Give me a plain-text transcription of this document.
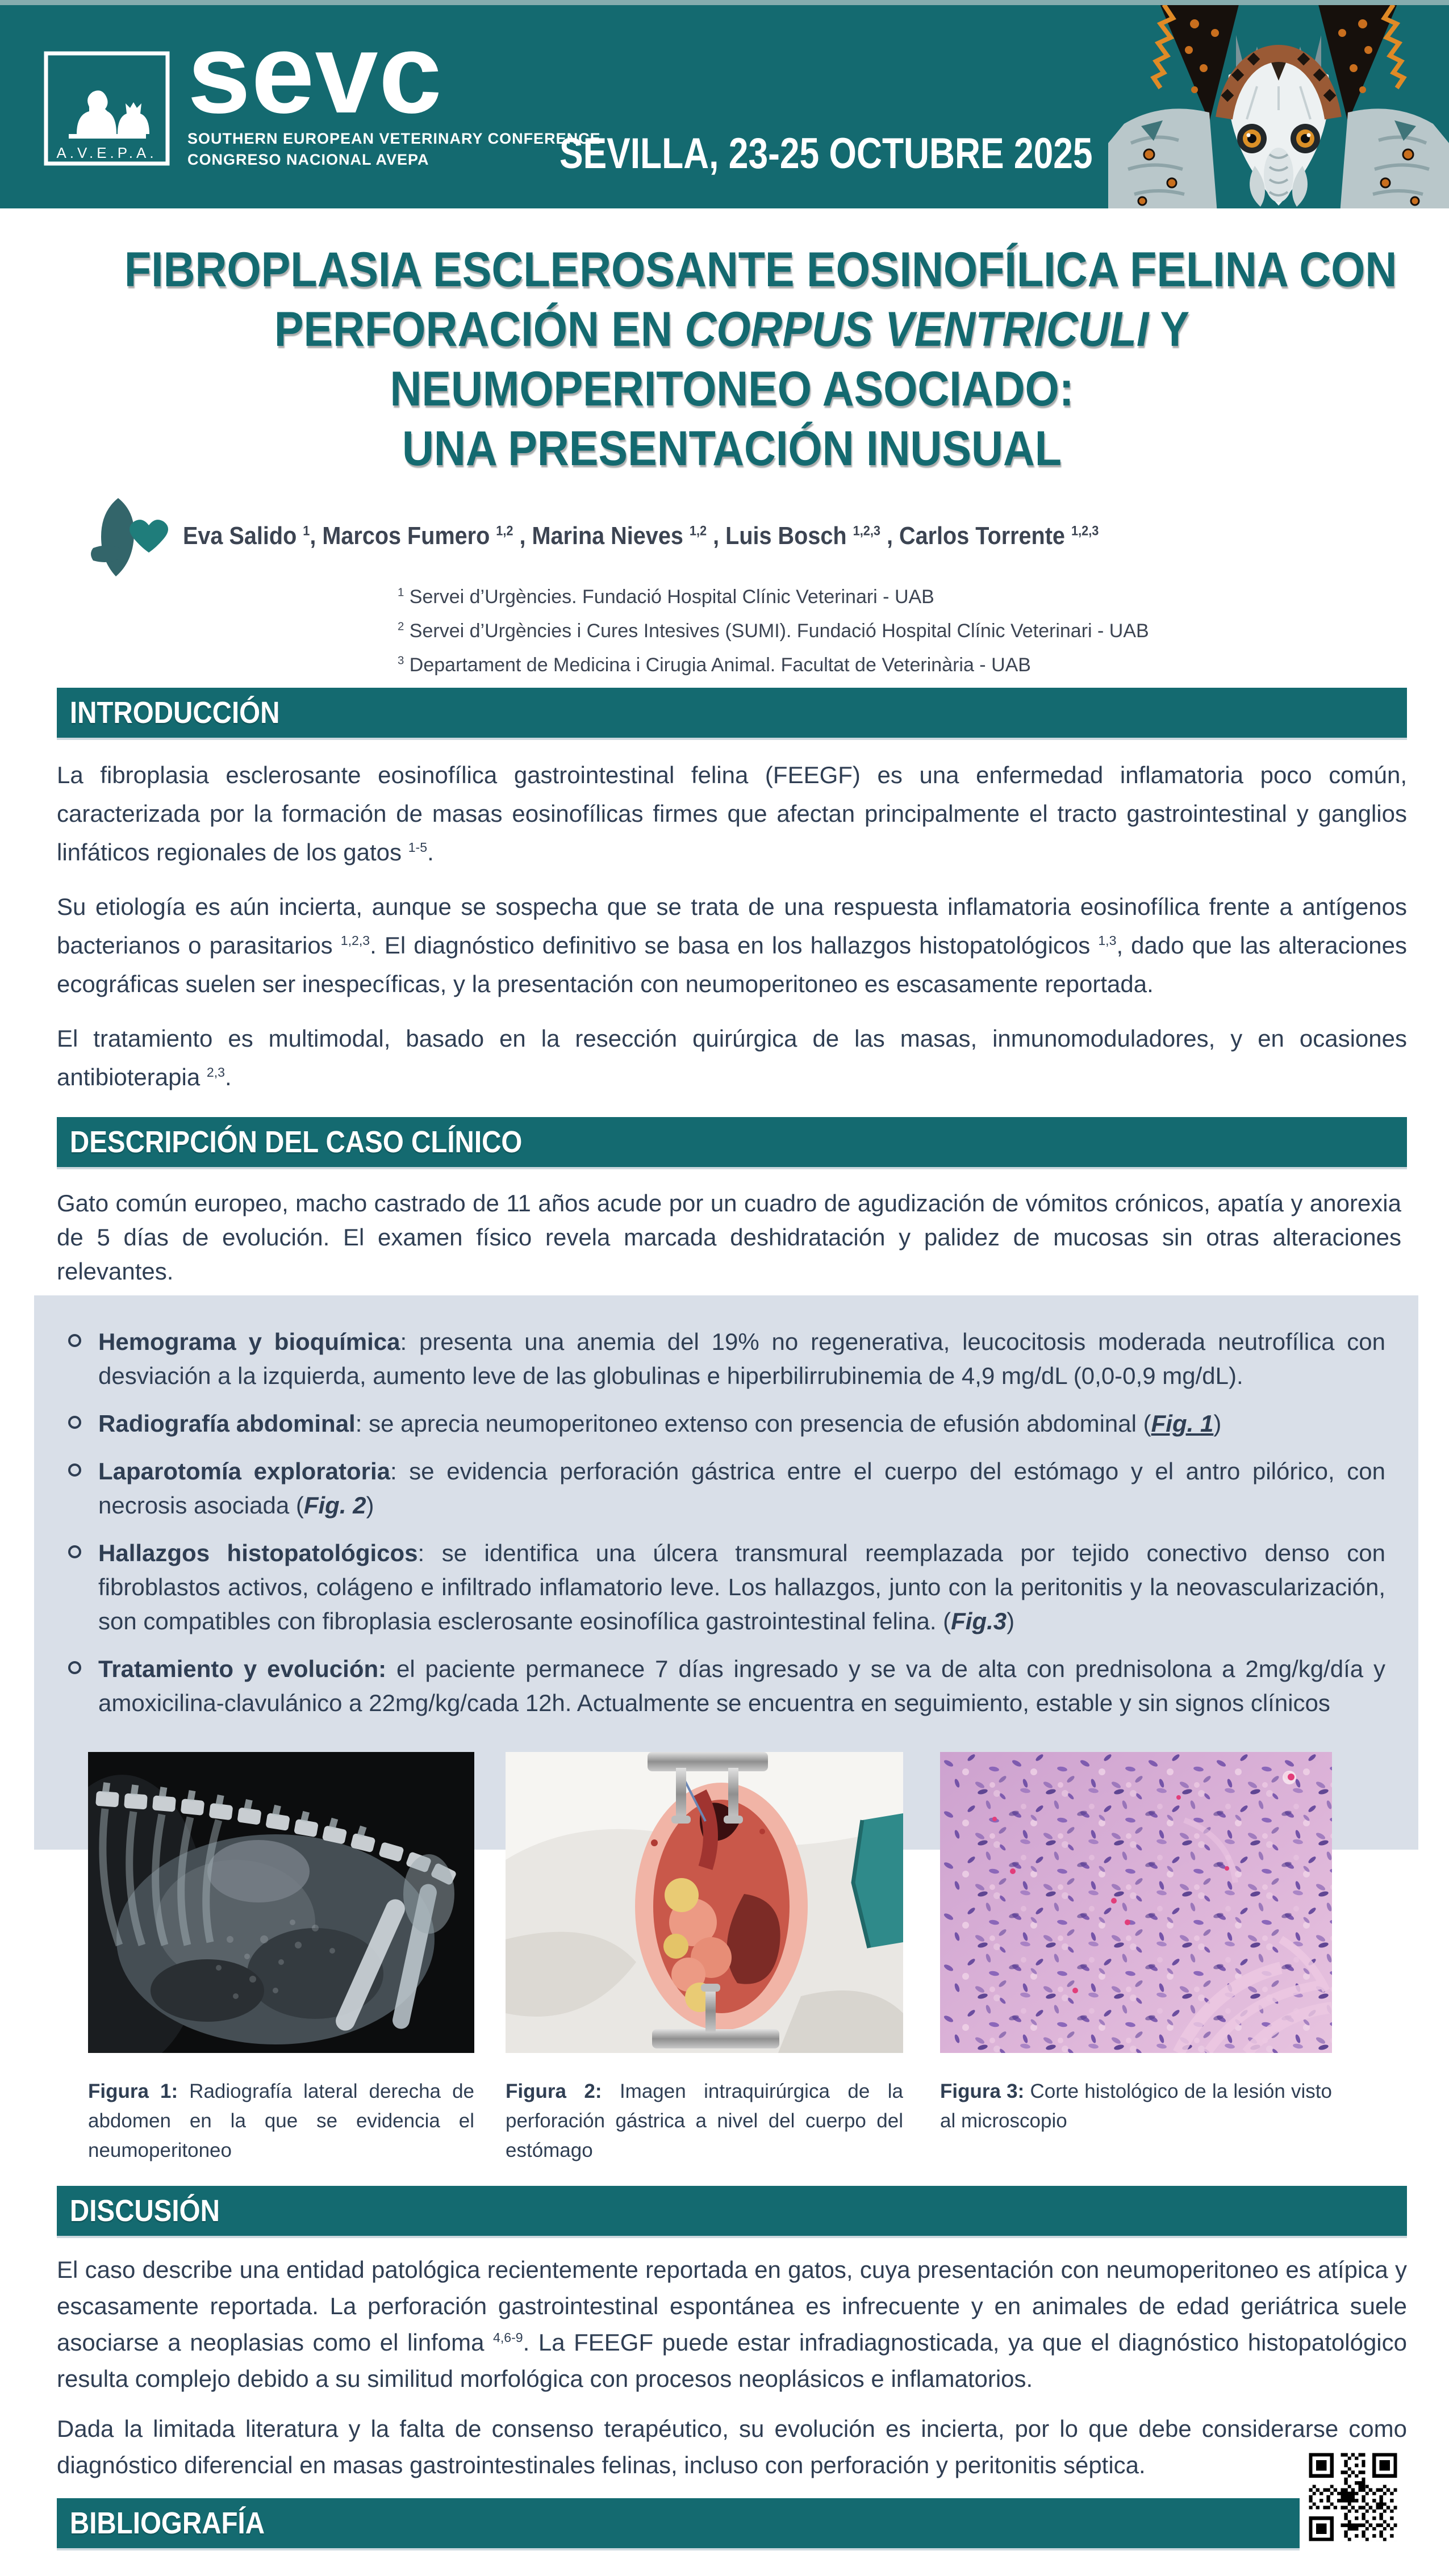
A.V.E.P.A.
sevc
SOUTHERN EUROPEAN VETERINARY CONFERENCE
CONGRESO NACIONAL AVEPA	SEVILLA, 23-25 OCTUBRE 2025
FIBROPLASIA ESCLEROSANTE EOSINOFÍLICA FELINA CON
PERFORACIÓN EN CORPUS VENTRICULI Y
NEUMOPERITONEO ASOCIADO:
UNA PRESENTACIÓN INUSUAL
Eva Salido $^1$, Marcos Fumero $^{1,2}$ , Marina Nieves $^{1,2}$ , Luis Bosch $^{1,2,3}$ , Carlos Torrente $^{1,2,3}$
$^1$ Servei d’Urgències. Fundació Hospital Clínic Veterinari - UAB
$^2$ Servei d’Urgències i Cures Intesives (SUMI). Fundació Hospital Clínic Veterinari - UAB
$^3$ Departament de Medicina i Cirugia Animal. Facultat de Veterinària - UAB
INTRODUCCIÓN

La fibroplasia esclerosante eosinofílica gastrointestinal felina (FEEGF) es una enfermedad inflamatoria poco común, caracterizada por la formación de masas eosinofílicas firmes que afectan principalmente el tracto gastrointestinal y ganglios linfáticos regionales de los gatos $^{1-5}$.

Su etiología es aún incierta, aunque se sospecha que se trata de una respuesta inflamatoria eosinofílica frente a antígenos bacterianos o parasitarios $^{1,2,3}$. El diagnóstico definitivo se basa en los hallazgos histopatológicos $^{1,3}$, dado que las alteraciones ecográficas suelen ser inespecíficas, y la presentación con neumoperitoneo es escasamente reportada.

El tratamiento es multimodal, basado en la resección quirúrgica de las masas, inmunomoduladores, y en ocasiones antibioterapia $^{2,3}$.

DESCRIPCIÓN DEL CASO CLÍNICO

Gato común europeo, macho castrado de 11 años acude por un cuadro de agudización de vómitos crónicos, apatía y anorexia de 5 días de evolución. El examen físico revela marcada deshidratación y palidez de mucosas sin otras alteraciones relevantes.

Hemograma y bioquímica: presenta una anemia del 19% no regenerativa, leucocitosis moderada neutrofílica con desviación a la izquierda, aumento leve de las globulinas e hiperbilirrubinemia de 4,9 mg/dL (0,0-0,9 mg/dL).
Radiografía abdominal: se aprecia neumoperitoneo extenso con presencia de efusión abdominal (Fig. 1)
Laparotomía exploratoria: se evidencia perforación gástrica entre el cuerpo del estómago y el antro pilórico, con necrosis asociada (Fig. 2)
Hallazgos histopatológicos: se identifica una úlcera transmural reemplazada por tejido conectivo denso con fibroblastos activos, colágeno e infiltrado inflamatorio leve. Los hallazgos, junto con la peritonitis y la neovascularización, son compatibles con fibroplasia esclerosante eosinofílica gastrointestinal felina. (Fig.3)
Tratamiento y evolución: el paciente permanece 7 días ingresado y se va de alta con prednisolona a 2mg/kg/día y amoxicilina-clavulánico a 22mg/kg/cada 12h. Actualmente se encuentra en seguimiento, estable y sin signos clínicos
Figura 1: Radiografía lateral derecha de abdomen en la que se evidencia el neumoperitoneo
Figura 2: Imagen intraquirúrgica de la perforación gástrica a nivel del cuerpo del estómago
Figura 3: Corte histológico de la lesión visto al microscopio
DISCUSIÓN

El caso describe una entidad patológica recientemente reportada en gatos, cuya presentación con neumoperitoneo es atípica y escasamente reportada. La perforación gastrointestinal espontánea es infrecuente y en animales de edad geriátrica suele asociarse a neoplasias como el linfoma $^{4,6-9}$. La FEEGF puede estar infradiagnosticada, ya que el diagnóstico histopatológico resulta complejo debido a su similitud morfológica con procesos neoplásicos e inflamatorios.

Dada la limitada literatura y la falta de consenso terapéutico, su evolución es incierta, por lo que debe considerarse como diagnóstico diferencial en masas gastrointestinales felinas, incluso con perforación y peritonitis séptica.

BIBLIOGRAFÍA
